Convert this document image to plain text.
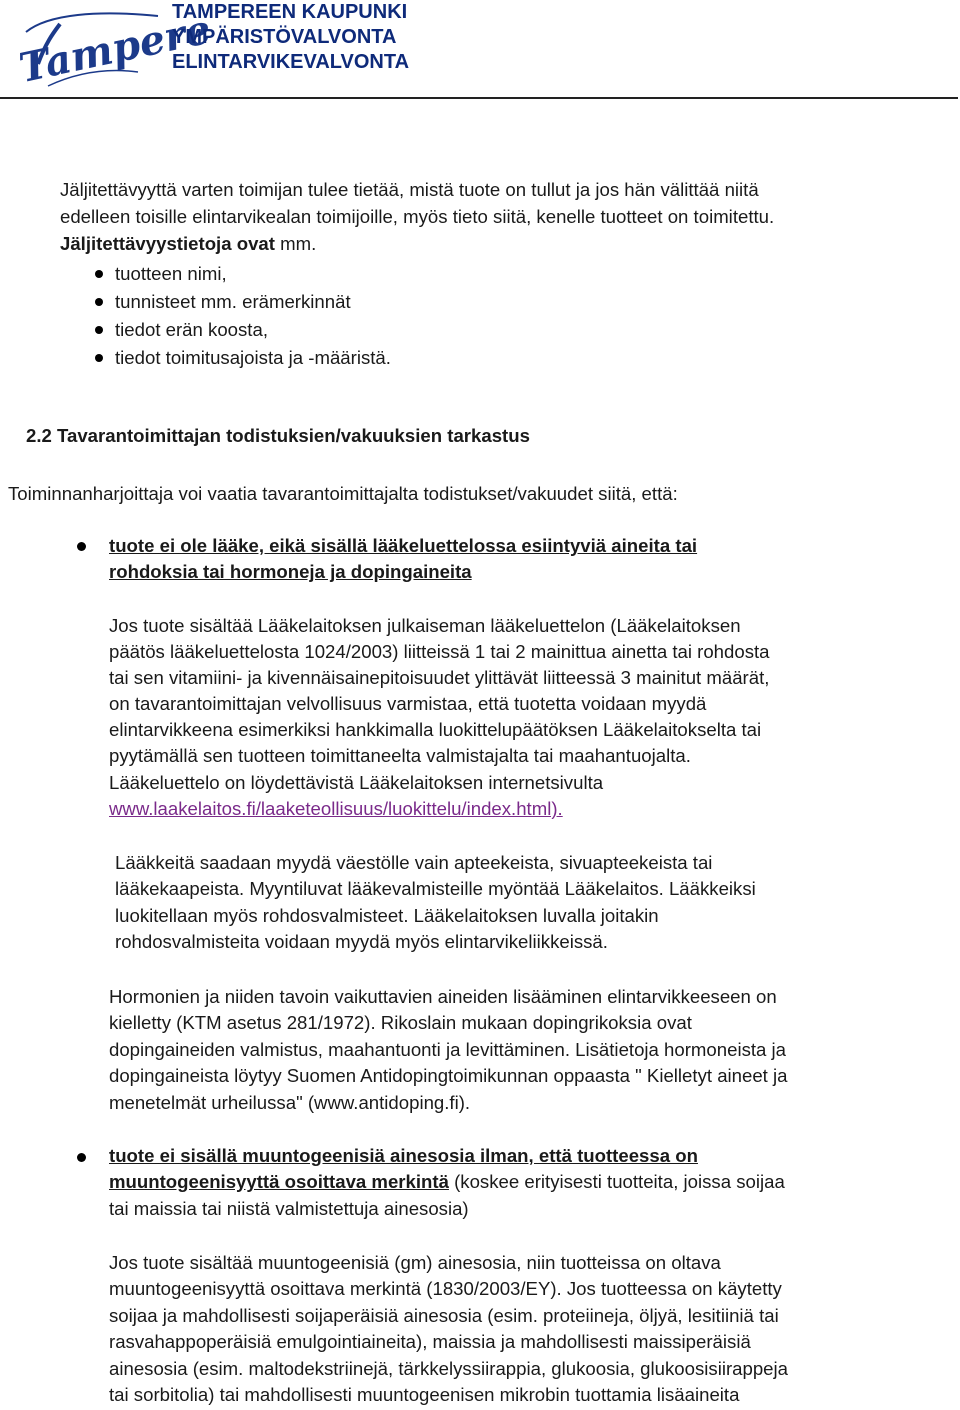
Tampere
TAMPEREEN KAUPUNKI
YMPÄRISTÖVALVONTA
ELINTARVIKEVALVONTA
Jäljitettävyyttä varten toimijan tulee tietää, mistä tuote on tullut ja jos hän välittää niitä
edelleen toisille elintarvikealan toimijoille, myös tieto siitä, kenelle tuotteet on toimitettu.
Jäljitettävyystietoja ovat mm.
tuotteen nimi,
tunnisteet mm. erämerkinnät
tiedot erän koosta,
tiedot toimitusajoista ja -määristä.
2.2 Tavarantoimittajan todistuksien/vakuuksien tarkastus
Toiminnanharjoittaja voi vaatia tavarantoimittajalta todistukset/vakuudet siitä, että:
tuote ei ole lääke, eikä sisällä lääkeluettelossa esiintyviä aineita tai
rohdoksia tai hormoneja ja dopingaineita
Jos tuote sisältää Lääkelaitoksen julkaiseman lääkeluettelon (Lääkelaitoksen
päätös lääkeluettelosta 1024/2003) liitteissä 1 tai 2 mainittua ainetta tai rohdosta
tai sen vitamiini- ja kivennäisainepitoisuudet ylittävät liitteessä 3 mainitut määrät,
on tavarantoimittajan velvollisuus varmistaa, että tuotetta voidaan myydä
elintarvikkeena esimerkiksi hankkimalla luokittelupäätöksen Lääkelaitokselta tai
pyytämällä sen tuotteen toimittaneelta valmistajalta tai maahantuojalta.
Lääkeluettelo on löydettävistä Lääkelaitoksen internetsivulta
www.laakelaitos.fi/laaketeollisuus/luokittelu/index.html).
Lääkkeitä saadaan myydä väestölle vain apteekeista, sivuapteekeista tai
lääkekaapeista. Myyntiluvat lääkevalmisteille myöntää Lääkelaitos. Lääkkeiksi
luokitellaan myös rohdosvalmisteet. Lääkelaitoksen luvalla joitakin
rohdosvalmisteita voidaan myydä myös elintarvikeliikkeissä.
Hormonien ja niiden tavoin vaikuttavien aineiden lisääminen elintarvikkeeseen on
kielletty (KTM asetus 281/1972). Rikoslain mukaan dopingrikoksia ovat
dopingaineiden valmistus, maahantuonti ja levittäminen. Lisätietoja hormoneista ja
dopingaineista löytyy Suomen Antidopingtoimikunnan oppaasta " Kielletyt aineet ja
menetelmät urheilussa" (www.antidoping.fi).
tuote ei sisällä muuntogeenisiä ainesosia ilman, että tuotteessa on
muuntogeenisyyttä osoittava merkintä (koskee erityisesti tuotteita, joissa soijaa
tai maissia tai niistä valmistettuja ainesosia)
Jos tuote sisältää muuntogeenisiä (gm) ainesosia, niin tuotteissa on oltava
muuntogeenisyyttä osoittava merkintä (1830/2003/EY). Jos tuotteessa on käytetty
soijaa ja mahdollisesti soijaperäisiä ainesosia (esim. proteiineja, öljyä, lesitiiniä tai
rasvahappoperäisiä emulgointiaineita), maissia ja mahdollisesti maissiperäisiä
ainesosia (esim. maltodekstriinejä, tärkkelyssiirappia, glukoosia, glukoosisiirappeja
tai sorbitolia) tai mahdollisesti muuntogeenisen mikrobin tuottamia lisäaineita
